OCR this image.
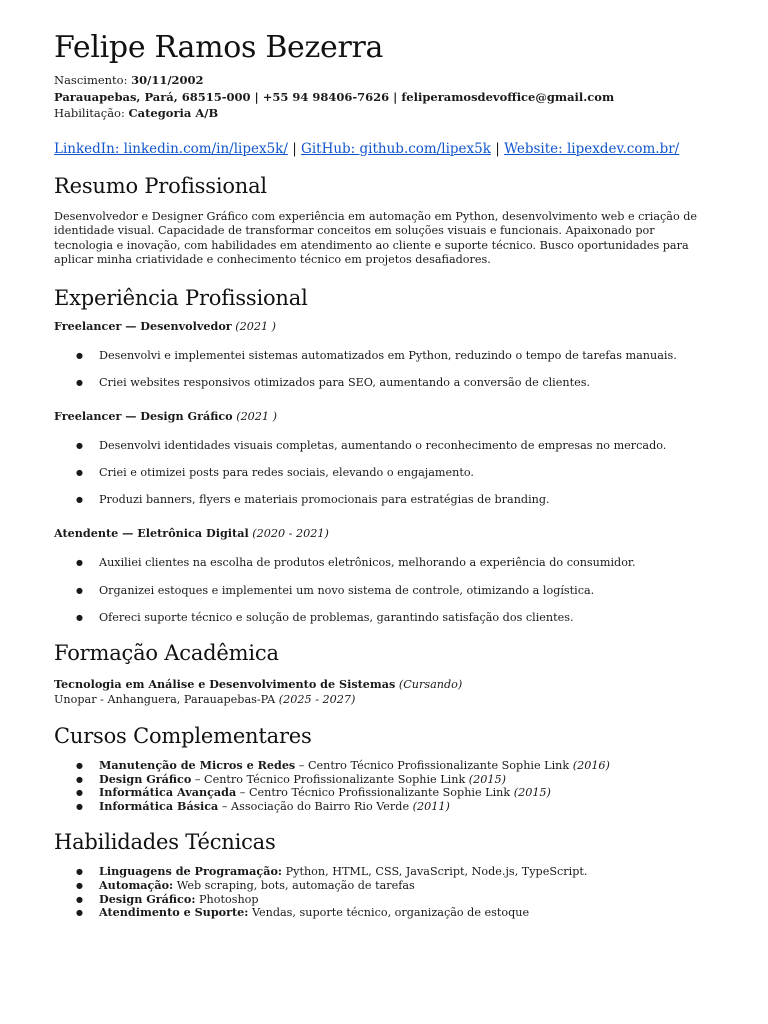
Felipe Ramos Bezerra
Nascimento: 30/11/2002
Parauapebas, Pará, 68515-000 | +55 94 98406-7626 | feliperamosdevoffice@gmail.com
Habilitação: Categoria A/B
LinkedIn: linkedin.com/in/lipex5k/ | GitHub: github.com/lipex5k | Website: lipexdev.com.br/
Resumo Profissional
Desenvolvedor e Designer Gráfico com experiência em automação em Python, desenvolvimento web e criação de identidade visual. Capacidade de transformar conceitos em soluções visuais e funcionais. Apaixonado por tecnologia e inovação, com habilidades em atendimento ao cliente e suporte técnico. Busco oportunidades para aplicar minha criatividade e conhecimento técnico em projetos desafiadores.
Experiência Profissional
Freelancer — Desenvolvedor (2021 )
● Desenvolvi e implementei sistemas automatizados em Python, reduzindo o tempo de tarefas manuais.
● Criei websites responsivos otimizados para SEO, aumentando a conversão de clientes.
Freelancer — Design Gráfico (2021 )
● Desenvolvi identidades visuais completas, aumentando o reconhecimento de empresas no mercado.
● Criei e otimizei posts para redes sociais, elevando o engajamento.
● Produzi banners, flyers e materiais promocionais para estratégias de branding.
Atendente — Eletrônica Digital (2020 - 2021)
● Auxiliei clientes na escolha de produtos eletrônicos, melhorando a experiência do consumidor.
● Organizei estoques e implementei um novo sistema de controle, otimizando a logística.
● Ofereci suporte técnico e solução de problemas, garantindo satisfação dos clientes.
Formação Acadêmica
Tecnologia em Análise e Desenvolvimento de Sistemas (Cursando)
Unopar - Anhanguera, Parauapebas-PA (2025 - 2027)
Cursos Complementares
● Manutenção de Micros e Redes – Centro Técnico Profissionalizante Sophie Link (2016)
● Design Gráfico – Centro Técnico Profissionalizante Sophie Link (2015)
● Informática Avançada – Centro Técnico Profissionalizante Sophie Link (2015)
● Informática Básica – Associação do Bairro Rio Verde (2011)
Habilidades Técnicas
● Linguagens de Programação: Python, HTML, CSS, JavaScript, Node.js, TypeScript.
● Automação: Web scraping, bots, automação de tarefas
● Design Gráfico: Photoshop
● Atendimento e Suporte: Vendas, suporte técnico, organização de estoque
